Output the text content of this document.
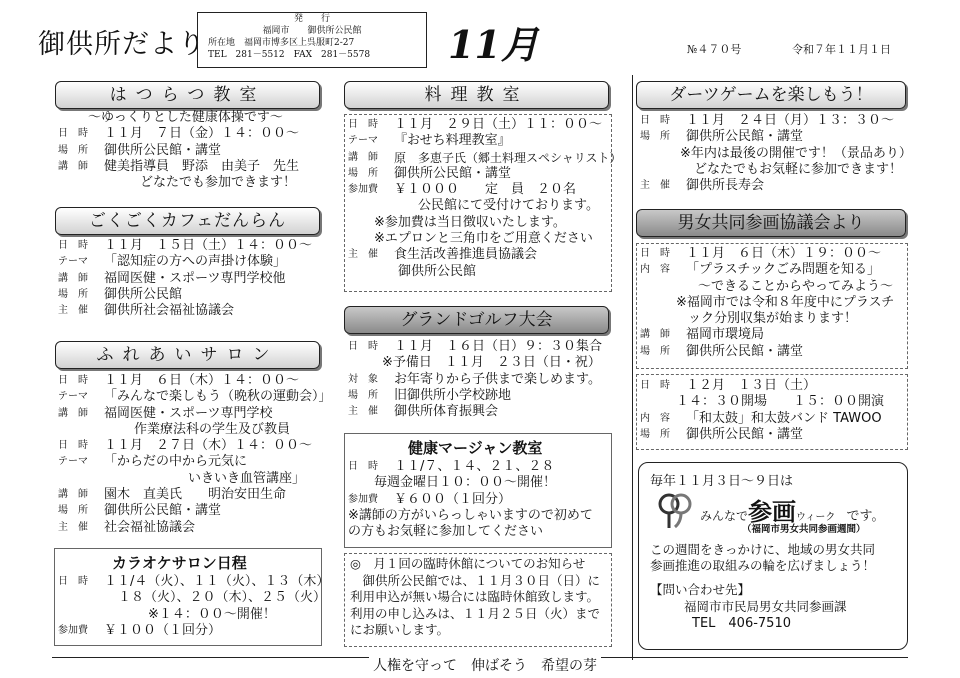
御供所だより
発　　行
福岡市　　御供所公民館
所在地　福岡市博多区上呉服町2-27
TEL　281－5512　FAX　281－5578	11月	№４７０号	令和７年１１月１日
はつらつ教室
～ゆっくりとした健康体操です～
日　時	１１月　７日（金）１４：００～
場　所	御供所公民館・講堂
講　師	健美指導員　野添　由美子　先生
どなたでも参加できます！
ごくごくカフェだんらん
日　時	１１月　１５日（土）１４：００～
テーマ	「認知症の方への声掛け体験」
講　師	福岡医健・スポーツ専門学校他
場　所	御供所公民館
主　催	御供所社会福祉協議会
ふれあいサロン
日　時	１１月　６日（木）１４：００～
テーマ	「みんなで楽しもう（晩秋の運動会）」
講　師	福岡医健・スポーツ専門学校
作業療法科の学生及び教員
日　時	１１月　２７日（木）１４：００～
テーマ	「からだの中から元気に
いきいき血管講座」
講　師	園木　直美氏　　明治安田生命
場　所	御供所公民館・講堂
主　催	社会福祉協議会
カラオケサロン日程
日　時	１１/４（火）、１１（火）、１３（木）
１８（火）、２０（木）、２５（火）
※１４：００～開催！
参加費	￥１００（１回分）
料理教室
日　時	１１月　２９日（土）１１：００～
テーマ	『おせち料理教室』
講　師	原　多恵子氏（郷土料理スペシャリスト）
場　所	御供所公民館・講堂
参加費	￥１０００　　定　員　２０名
公民館にて受付けております。
※参加費は当日徴収いたします。
※エプロンと三角巾をご用意ください
主　催	食生活改善推進員協議会
御供所公民館
グランドゴルフ大会
日　時	１１月　１６日（日）９：３０集合
※予備日　１１月　２３日（日・祝）
対　象	お年寄りから子供まで楽しめます。
場　所	旧御供所小学校跡地
主　催	御供所体育振興会
健康マージャン教室
日　時	１１/７、１４、２１、２８
毎週金曜日１０：００～開催！
参加費	￥６００（１回分）
※講師の方がいらっしゃいますので初めて
の方もお気軽に参加してください
◎　月１回の臨時休館についてのお知らせ
　御供所公民館では、１１月３０日（日）に
利用申込が無い場合には臨時休館致します。
利用の申し込みは、１１月２５日（火）まで
にお願いします。
ダーツゲームを楽しもう！
日　時	１１月　２４日（月）１３：３０～
場　所	御供所公民館・講堂
※年内は最後の開催です！（景品あり）
どなたでもお気軽に参加できます！
主　催	御供所長寿会
男女共同参画協議会より
日　時	１１月　６日（木）１９：００～
内　容	「プラスチックごみ問題を知る」
～できることからやってみよう～
※福岡市では令和８年度中にプラスチ
ック分別収集が始まります！
講　師	福岡市環境局
場　所	御供所公民館・講堂
日　時	１２月　１３日（土）
１４：３０開場　　１５：００開演
内　容	「和太鼓」和太鼓バンド TAWOO
場　所	御供所公民館・講堂
毎年１１月３日～９日は
みんなで参画ウィーク です。
（福岡市男女共同参画週間）
この週間をきっかけに、地域の男女共同
参画推進の取組みの輪を広げましょう！
【問い合わせ先】
福岡市市民局男女共同参画課
TEL　406-7510
人権を守って　伸ばそう　希望の芽
